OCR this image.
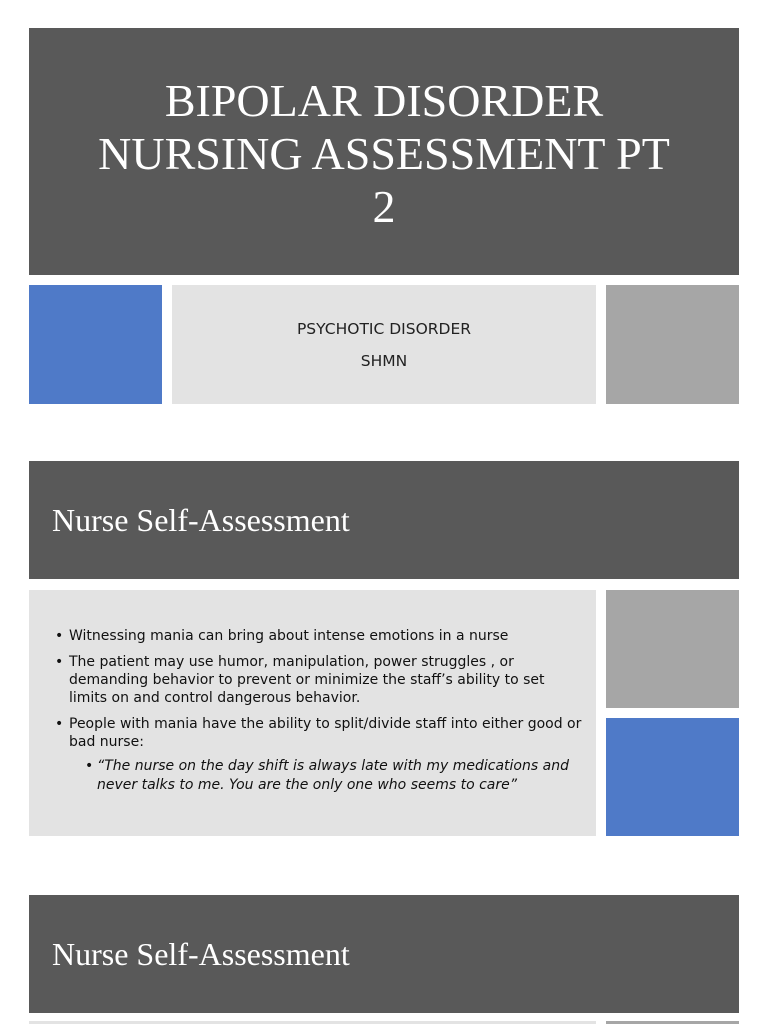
BIPOLAR DISORDER
NURSING ASSESSMENT PT
2
PSYCHOTIC DISORDER
SHMN
Nurse Self-Assessment
• Witnessing mania can bring about intense emotions in a nurse
• The patient may use humor, manipulation, power struggles , or demanding behavior to prevent or minimize the staff’s ability to set limits on and control dangerous behavior.
• People with mania have the ability to split/divide staff into either good or bad nurse:
• “The nurse on the day shift is always late with my medications and never talks to me. You are the only one who seems to care”
Nurse Self-Assessment
